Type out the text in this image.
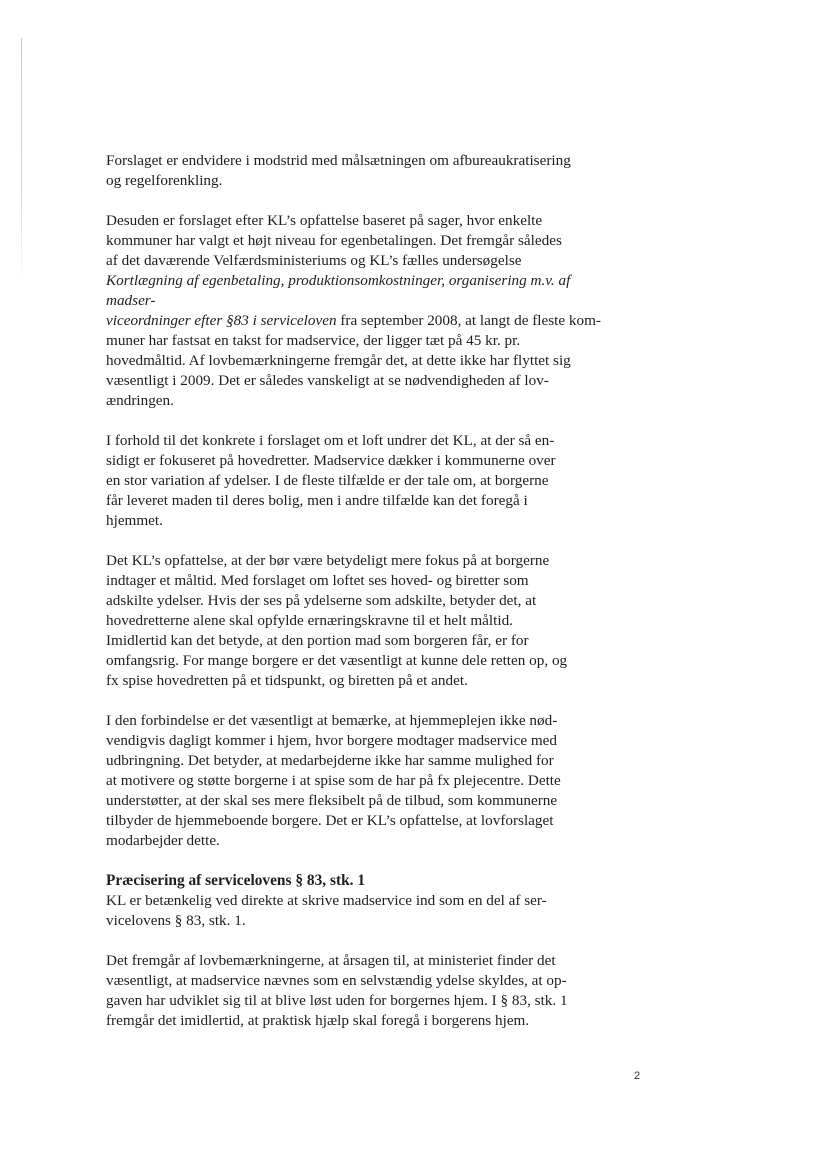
Forslaget er endvidere i modstrid med målsætningen om afbureaukratisering
og regelforenkling.

Desuden er forslaget efter KL’s opfattelse baseret på sager, hvor enkelte
kommuner har valgt et højt niveau for egenbetalingen. Det fremgår således
af det daværende Velfærdsministeriums og KL’s fælles undersøgelse
Kortlægning af egenbetaling, produktionsomkostninger, organisering m.v. af madser-
viceordninger efter §83 i serviceloven fra september 2008, at langt de fleste kom-
muner har fastsat en takst for madservice, der ligger tæt på 45 kr. pr.
hovedmåltid. Af lovbemærkningerne fremgår det, at dette ikke har flyttet sig
væsentligt i 2009. Det er således vanskeligt at se nødvendigheden af lov-
ændringen.

I forhold til det konkrete i forslaget om et loft undrer det KL, at der så en-
sidigt er fokuseret på hovedretter. Madservice dækker i kommunerne over
en stor variation af ydelser. I de fleste tilfælde er der tale om, at borgerne
får leveret maden til deres bolig, men i andre tilfælde kan det foregå i
hjemmet.

Det KL’s opfattelse, at der bør være betydeligt mere fokus på at borgerne
indtager et måltid. Med forslaget om loftet ses hoved- og biretter som
adskilte ydelser. Hvis der ses på ydelserne som adskilte, betyder det, at
hovedretterne alene skal opfylde ernæringskravne til et helt måltid.
Imidlertid kan det betyde, at den portion mad som borgeren får, er for
omfangsrig. For mange borgere er det væsentligt at kunne dele retten op, og
fx spise hovedretten på et tidspunkt, og biretten på et andet.

I den forbindelse er det væsentligt at bemærke, at hjemmeplejen ikke nød-
vendigvis dagligt kommer i hjem, hvor borgere modtager madservice med
udbringning. Det betyder, at medarbejderne ikke har samme mulighed for
at motivere og støtte borgerne i at spise som de har på fx plejecentre. Dette
understøtter, at der skal ses mere fleksibelt på de tilbud, som kommunerne
tilbyder de hjemmeboende borgere. Det er KL’s opfattelse, at lovforslaget
modarbejder dette.

Præcisering af servicelovens § 83, stk. 1

KL er betænkelig ved direkte at skrive madservice ind som en del af ser-
vicelovens § 83, stk. 1.

Det fremgår af lovbemærkningerne, at årsagen til, at ministeriet finder det
væsentligt, at madservice nævnes som en selvstændig ydelse skyldes, at op-
gaven har udviklet sig til at blive løst uden for borgernes hjem. I § 83, stk. 1
fremgår det imidlertid, at praktisk hjælp skal foregå i borgerens hjem.

2
